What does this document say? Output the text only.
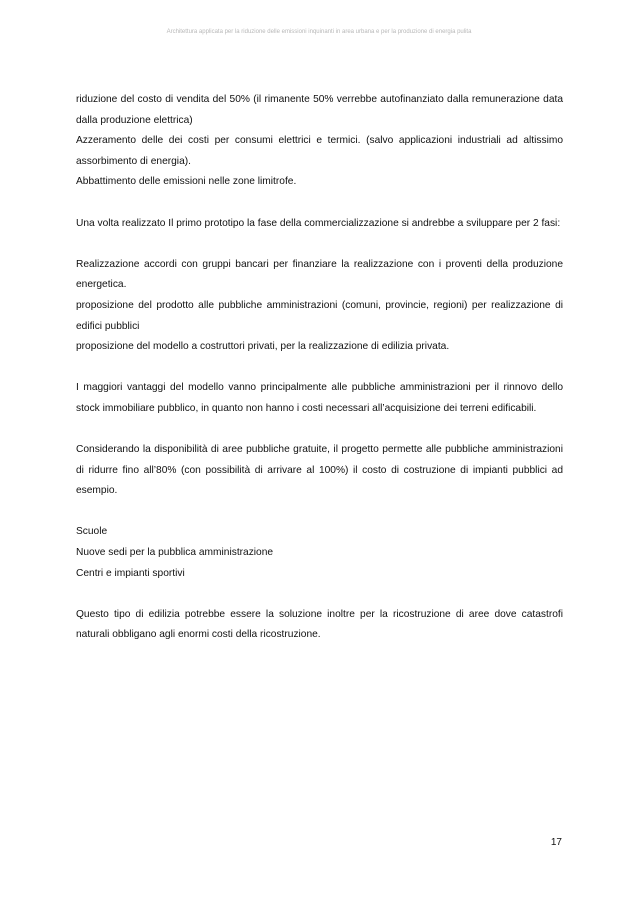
Architettura applicata per la riduzione delle emissioni inquinanti in area urbana e per la produzione di energia pulita

riduzione del costo di vendita del 50% (il rimanente 50% verrebbe autofinanziato dalla remunerazione data dalla produzione elettrica)

Azzeramento delle dei costi per consumi elettrici e termici. (salvo applicazioni industriali ad altissimo assorbimento di energia).

Abbattimento delle emissioni nelle zone limitrofe.

Una volta realizzato Il primo prototipo la fase della commercializzazione si andrebbe a sviluppare per 2 fasi:

Realizzazione accordi con gruppi bancari per finanziare la realizzazione con i proventi della produzione energetica.

proposizione del prodotto alle pubbliche amministrazioni (comuni, provincie, regioni) per realizzazione di edifici pubblici

proposizione del modello a costruttori privati, per la realizzazione di edilizia privata.

I maggiori vantaggi del modello vanno principalmente alle pubbliche amministrazioni per il rinnovo dello stock immobiliare pubblico, in quanto non hanno i costi necessari all’acquisizione dei terreni edificabili.

Considerando la disponibilità di aree pubbliche gratuite, il progetto permette alle pubbliche amministrazioni di ridurre fino all’80% (con possibilità di arrivare al 100%) il costo di costruzione di impianti pubblici ad esempio.

Scuole

Nuove sedi per la pubblica amministrazione

Centri e impianti sportivi

Questo tipo di edilizia potrebbe essere la soluzione inoltre per la ricostruzione di aree dove catastrofi naturali obbligano agli enormi costi della ricostruzione.

17
